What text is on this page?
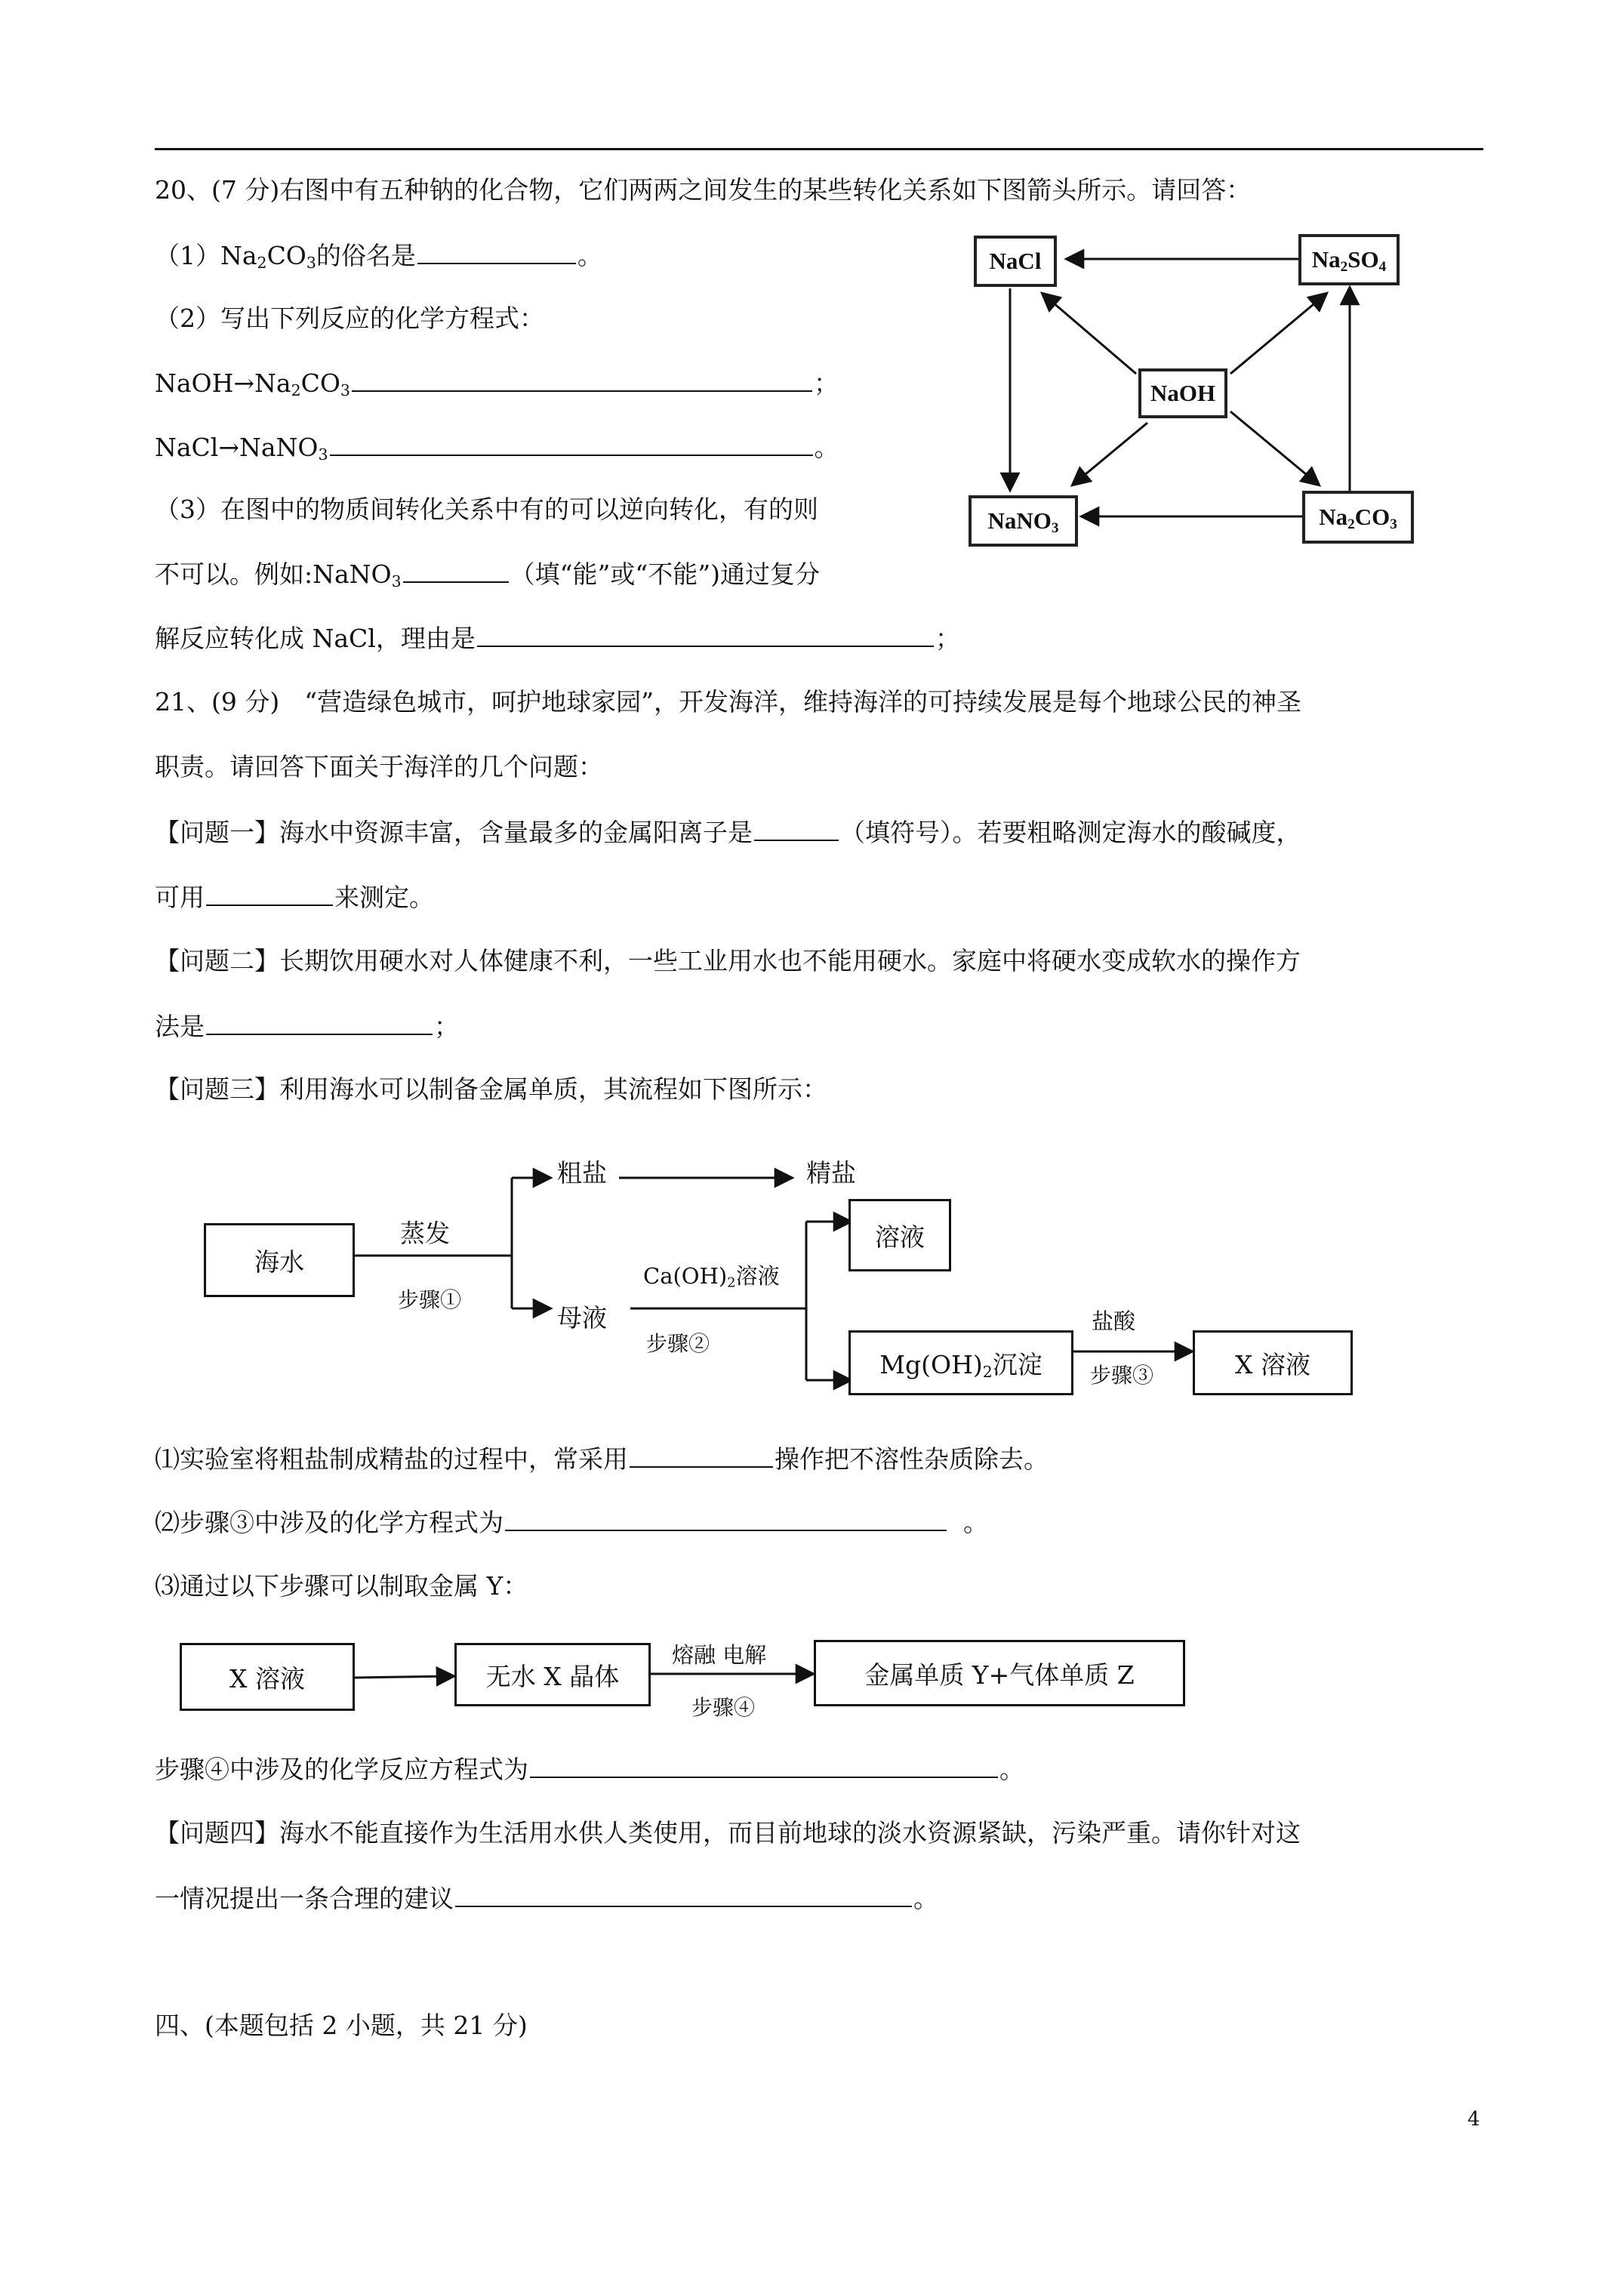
20、(7 分)右图中有五种钠的化合物，它们两两之间发生的某些转化关系如下图箭头所示。请回答：
$(1)Na_2CO_3$的俗名是	。
（2）写出下列反应的化学方程式：
$NaOH\to Na_2CO_3$	；
NaCl→NaNO$_3$	。
（3）在图中的物质间转化关系中有的可以逆向转化，有的则
不可以。例如:NaNO$_3$	（填“能”或“不能”)通过复分
解反应转化成 NaCl，理由是	；
NaCl	$Na_2SO_4$
NaOH
NaNO$_3$	$Na_2CO_3$
21、(9 分)　“营造绿色城市，呵护地球家园”，开发海洋，维持海洋的可持续发展是每个地球公民的神圣
职责。请回答下面关于海洋的几个问题：
【问题一】海水中资源丰富，含量最多的金属阳离子是	（填符号）。若要粗略测定海水的酸碱度，
可用	来测定。
【问题二】长期饮用硬水对人体健康不利，一些工业用水也不能用硬水。家庭中将硬水变成软水的操作方
法是	；
【问题三】利用海水可以制备金属单质，其流程如下图所示：
海水
蒸发
步骤①
粗盐	精盐
母液
$Ca(OH)_2$溶液
步骤②
溶液
$Mg(OH)_2$沉淀
盐酸
步骤③	X 溶液
⑴实验室将粗盐制成精盐的过程中，常采用	操作把不溶性杂质除去。
⑵步骤③中涉及的化学方程式为	。
⑶通过以下步骤可以制取金属 Y：
X 溶液	无水 X 晶体
熔融 电解
步骤④
金属单质 Y+气体单质 Z
步骤④中涉及的化学反应方程式为	。
【问题四】海水不能直接作为生活用水供人类使用，而目前地球的淡水资源紧缺，污染严重。请你针对这
一情况提出一条合理的建议	。
四、(本题包括 2 小题，共 21 分)
4
